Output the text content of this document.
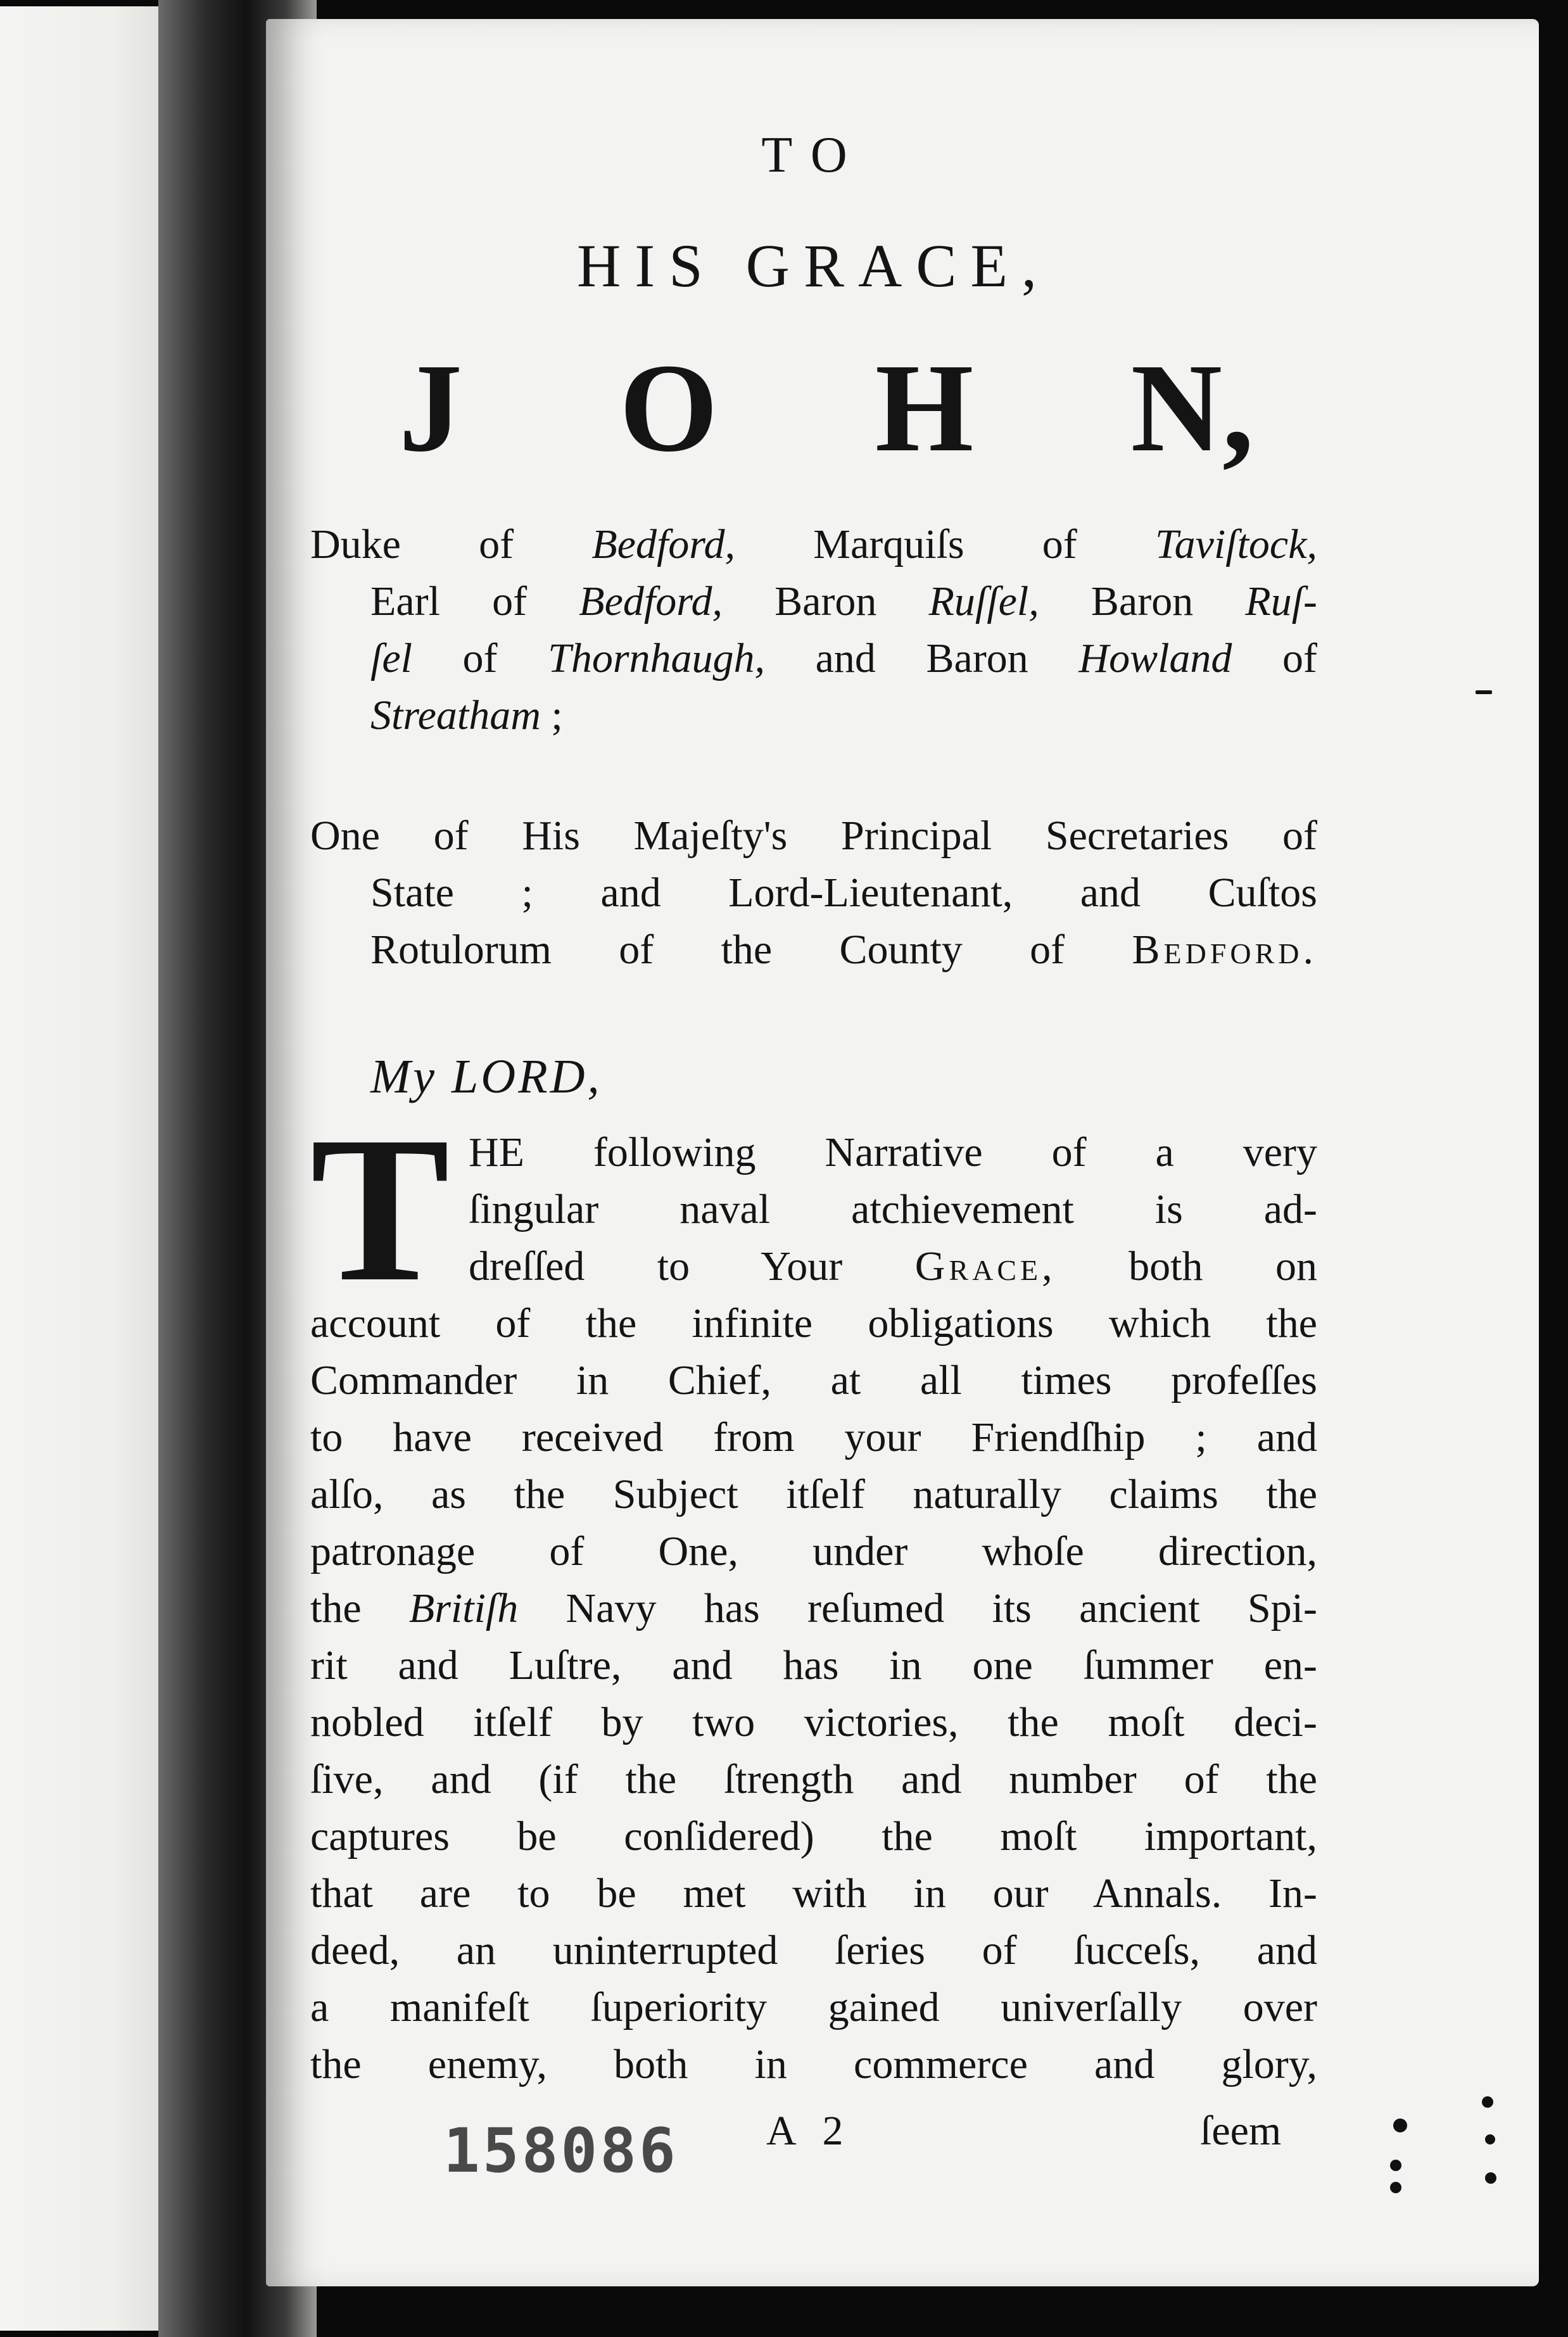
TO
HIS GRACE,
J O H N,
Duke of Bedford, Marquiſs of Taviſtock,
Earl of Bedford, Baron Ruſſel, Baron Ruſ-
ſel of Thornhaugh, and Baron Howland of
Streatham ;
One of His Majeſty's Principal Secretaries of
State ; and Lord-Lieutenant, and Cuſtos
Rotulorum of the County of Bedford.
My LORD,
T HE following Narrative of a very
ſingular naval atchievement is ad-
dreſſed to Your Grace, both on
account of the infinite obligations which the
Commander in Chief, at all times profeſſes
to have received from your Friendſhip ; and
alſo, as the Subject itſelf naturally claims the
patronage of One, under whoſe direction,
the Britiſh Navy has reſumed its ancient Spi-
rit and Luſtre, and has in one ſummer en-
nobled itſelf by two victories, the moſt deci-
ſive, and (if the ſtrength and number of the
captures be conſidered) the moſt important,
that are to be met with in our Annals. In-
deed, an uninterrupted ſeries of ſucceſs, and
a manifeſt ſuperiority gained univerſally over
the enemy, both in commerce and glory,
158086 A 2	ſeem
